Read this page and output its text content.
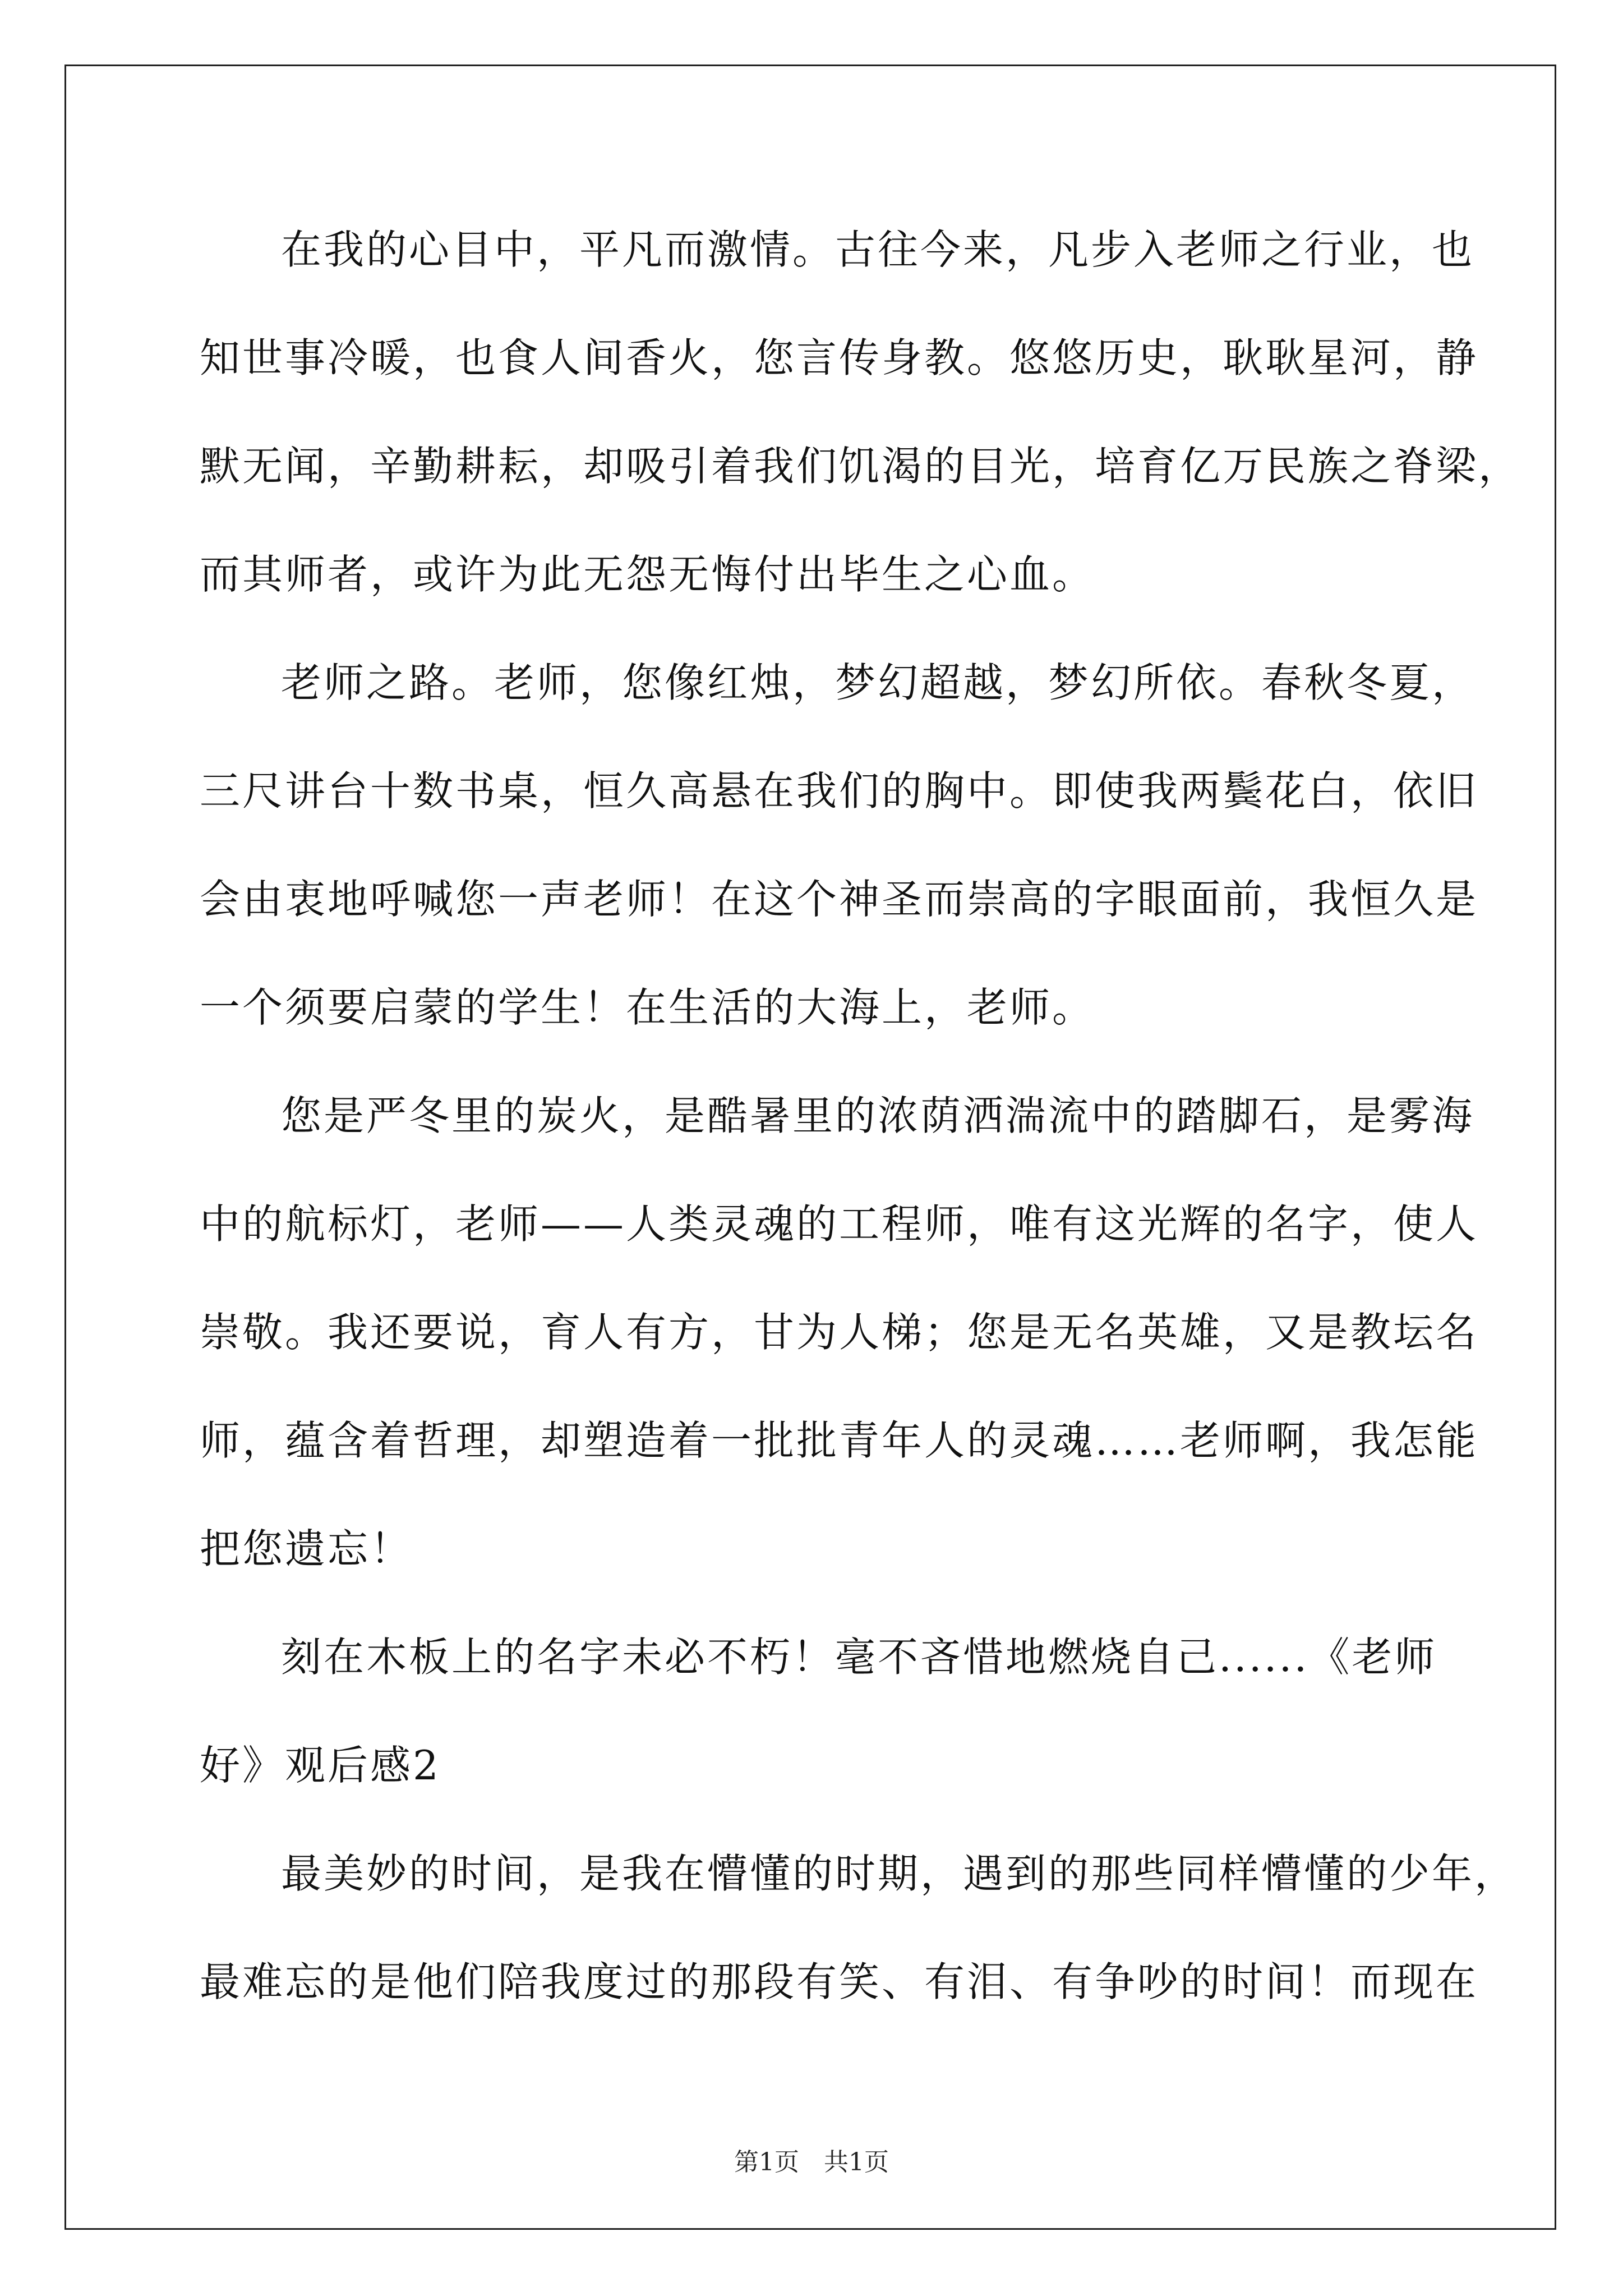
在我的心目中，平凡而激情。古往今来，凡步入老师之行业，也
知世事冷暖，也食人间香火，您言传身教。悠悠历史，耿耿星河，静
默无闻，辛勤耕耘，却吸引着我们饥渴的目光，培育亿万民族之脊梁，
而其师者，或许为此无怨无悔付出毕生之心血。
老师之路。老师，您像红烛，梦幻超越，梦幻所依。春秋冬夏，
三尺讲台十数书桌，恒久高悬在我们的胸中。即使我两鬓花白，依旧
会由衷地呼喊您一声老师！在这个神圣而崇高的字眼面前，我恒久是
一个须要启蒙的学生！在生活的大海上，老师。
您是严冬里的炭火，是酷暑里的浓荫洒湍流中的踏脚石，是雾海
中的航标灯，老师——人类灵魂的工程师，唯有这光辉的名字，使人
崇敬。我还要说，育人有方，甘为人梯；您是无名英雄，又是教坛名
师，蕴含着哲理，却塑造着一批批青年人的灵魂……老师啊，我怎能
把您遗忘！
刻在木板上的名字未必不朽！毫不吝惜地燃烧自己......《老师
好》观后感2
最美妙的时间，是我在懵懂的时期，遇到的那些同样懵懂的少年，
最难忘的是他们陪我度过的那段有笑、有泪、有争吵的时间！而现在
第1页　共1页
